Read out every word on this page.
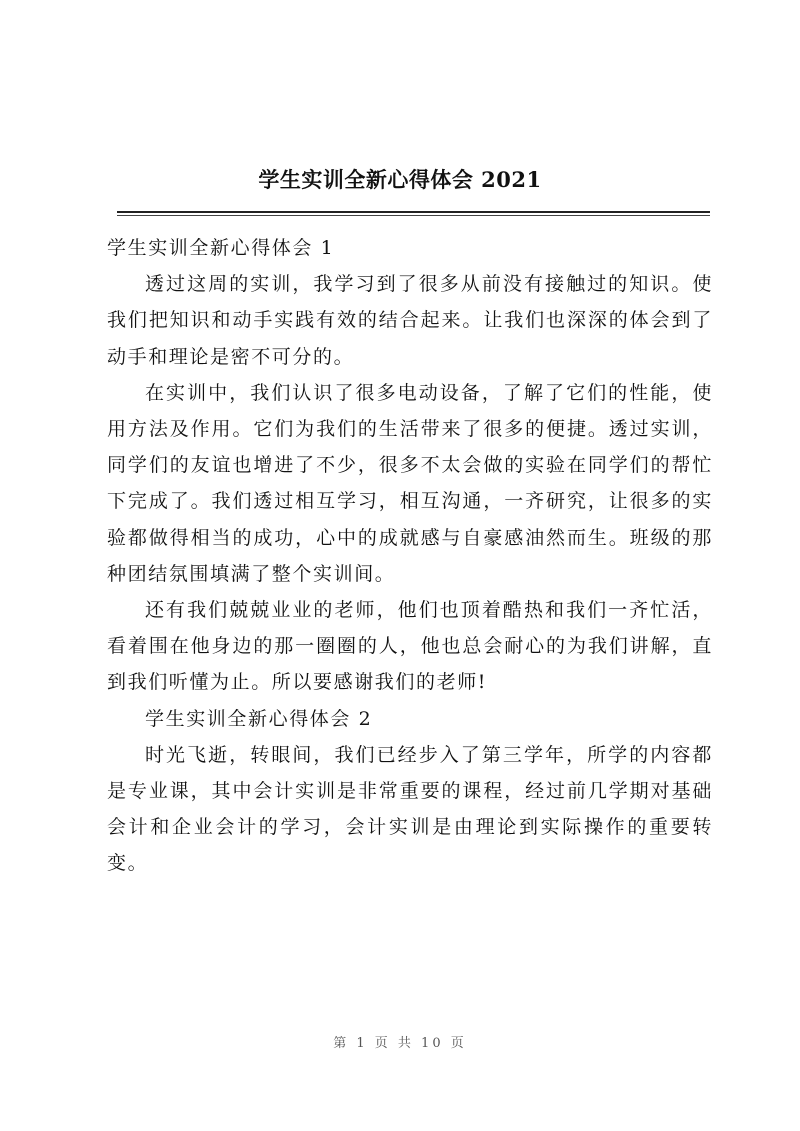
学生实训全新心得体会 2021

学生实训全新心得体会 1

透过这周的实训，我学习到了很多从前没有接触过的知识。使我们把知识和动手实践有效的结合起来。让我们也深深的体会到了动手和理论是密不可分的。

在实训中，我们认识了很多电动设备，了解了它们的性能，使用方法及作用。它们为我们的生活带来了很多的便捷。透过实训，同学们的友谊也增进了不少，很多不太会做的实验在同学们的帮忙下完成了。我们透过相互学习，相互沟通，一齐研究，让很多的实验都做得相当的成功，心中的成就感与自豪感油然而生。班级的那种团结氛围填满了整个实训间。

还有我们兢兢业业的老师，他们也顶着酷热和我们一齐忙活，看着围在他身边的那一圈圈的人，他也总会耐心的为我们讲解，直到我们听懂为止。所以要感谢我们的老师!

学生实训全新心得体会 2

时光飞逝，转眼间，我们已经步入了第三学年，所学的内容都是专业课，其中会计实训是非常重要的课程，经过前几学期对基础会计和企业会计的学习，会计实训是由理论到实际操作的重要转变。

第 1 页 共 10 页
